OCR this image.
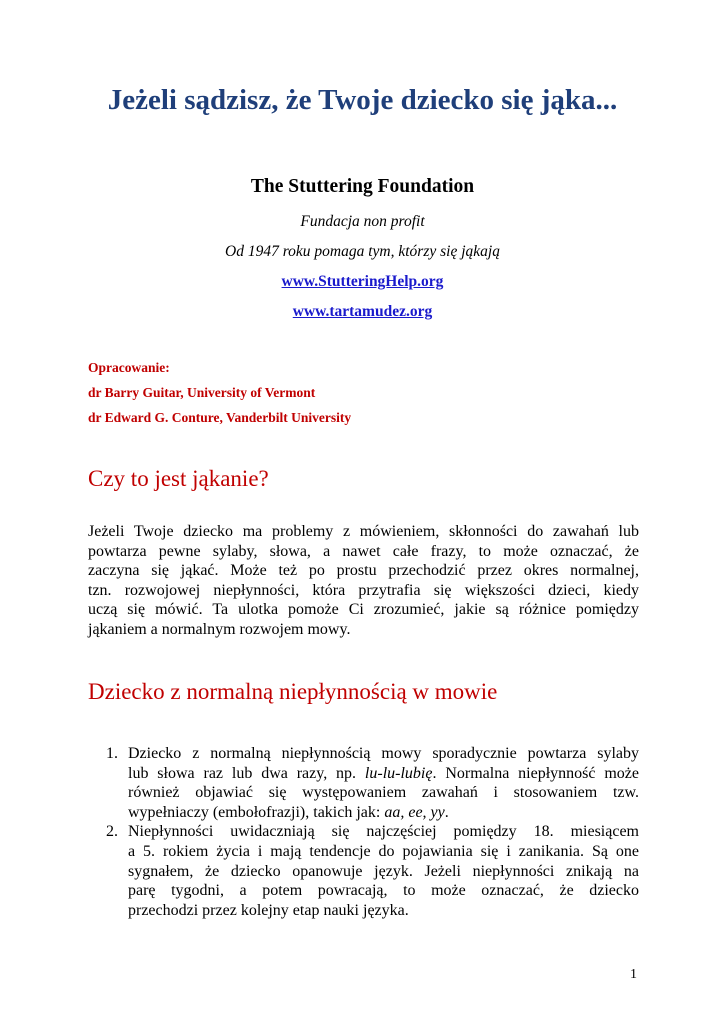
Jeżeli sądzisz, że Twoje dziecko się jąka...
The Stuttering Foundation
Fundacja non profit
Od 1947 roku pomaga tym, którzy się jąkają
www.StutteringHelp.org
www.tartamudez.org
Opracowanie:
dr Barry Guitar, University of Vermont
dr Edward G. Conture, Vanderbilt University
Czy to jest jąkanie?
Jeżeli Twoje dziecko ma problemy z mówieniem, skłonności do zawahań lub
powtarza pewne sylaby, słowa, a nawet całe frazy, to może oznaczać, że
zaczyna się jąkać. Może też po prostu przechodzić przez okres normalnej,
tzn. rozwojowej niepłynności, która przytrafia się większości dzieci, kiedy
uczą się mówić. Ta ulotka pomoże Ci zrozumieć, jakie są różnice pomiędzy
jąkaniem a normalnym rozwojem mowy.
Dziecko z normalną niepłynnością w mowie
1. Dziecko z normalną niepłynnością mowy sporadycznie powtarza sylaby
lub słowa raz lub dwa razy, np. lu-lu-lubię. Normalna niepłynność może
również objawiać się występowaniem zawahań i stosowaniem tzw.
wypełniaczy (embołofrazji), takich jak: aa, ee, yy.
2. Niepłynności uwidaczniają się najczęściej pomiędzy 18. miesiącem
a 5. rokiem życia i mają tendencje do pojawiania się i zanikania. Są one
sygnałem, że dziecko opanowuje język. Jeżeli niepłynności znikają na
parę tygodni, a potem powracają, to może oznaczać, że dziecko
przechodzi przez kolejny etap nauki języka.
1
